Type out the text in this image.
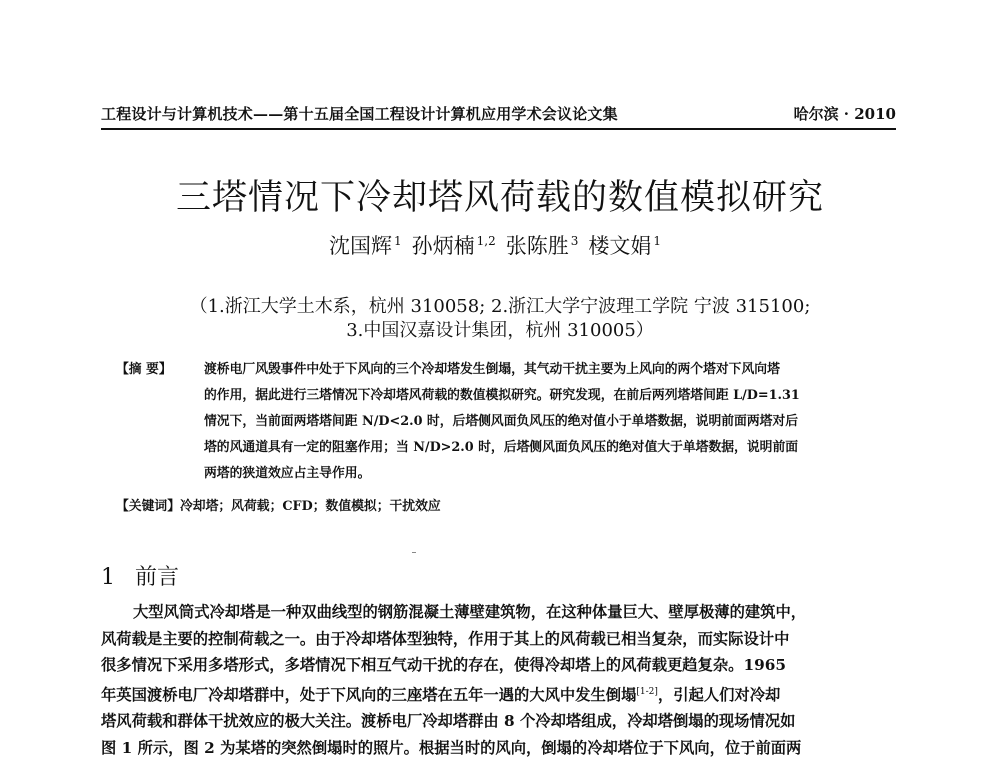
工程设计与计算机技术——第十五届全国工程设计计算机应用学术会议论文集	哈尔滨 · 2010
三塔情况下冷却塔风荷载的数值模拟研究
沈国辉 $^1$ 孙炳楠 $^{1,2}$ 张陈胜 $^3$ 楼文娟 $^1$
（1.浙江大学土木系，杭州 310058; 2.浙江大学宁波理工学院 宁波 315100;
3.中国汉嘉设计集团，杭州 310005）
【摘 要】	渡桥电厂风毁事件中处于下风向的三个冷却塔发生倒塌，其气动干扰主要为上风向的两个塔对下风向塔
的作用，据此进行三塔情况下冷却塔风荷载的数值模拟研究。研究发现，在前后两列塔塔间距 L/D=1.31
情况下，当前面两塔塔间距 N/D<2.0 时，后塔侧风面负风压的绝对值小于单塔数据，说明前面两塔对后
塔的风通道具有一定的阻塞作用；当 N/D>2.0 时，后塔侧风面负风压的绝对值大于单塔数据，说明前面
两塔的狭道效应占主导作用。
【关键词】冷却塔；风荷载；CFD；数值模拟；干扰效应
1 前言
大型风筒式冷却塔是一种双曲线型的钢筋混凝土薄壁建筑物，在这种体量巨大、壁厚极薄的建筑中，
风荷载是主要的控制荷载之一。由于冷却塔体型独特，作用于其上的风荷载已相当复杂，而实际设计中
很多情况下采用多塔形式，多塔情况下相互气动干扰的存在，使得冷却塔上的风荷载更趋复杂。1965
年英国渡桥电厂冷却塔群中，处于下风向的三座塔在五年一遇的大风中发生倒塌[1-2]，引起人们对冷却
塔风荷载和群体干扰效应的极大关注。渡桥电厂冷却塔群由 8 个冷却塔组成，冷却塔倒塌的现场情况如
图 1 所示，图 2 为某塔的突然倒塌时的照片。根据当时的风向，倒塌的冷却塔位于下风向，位于前面两
